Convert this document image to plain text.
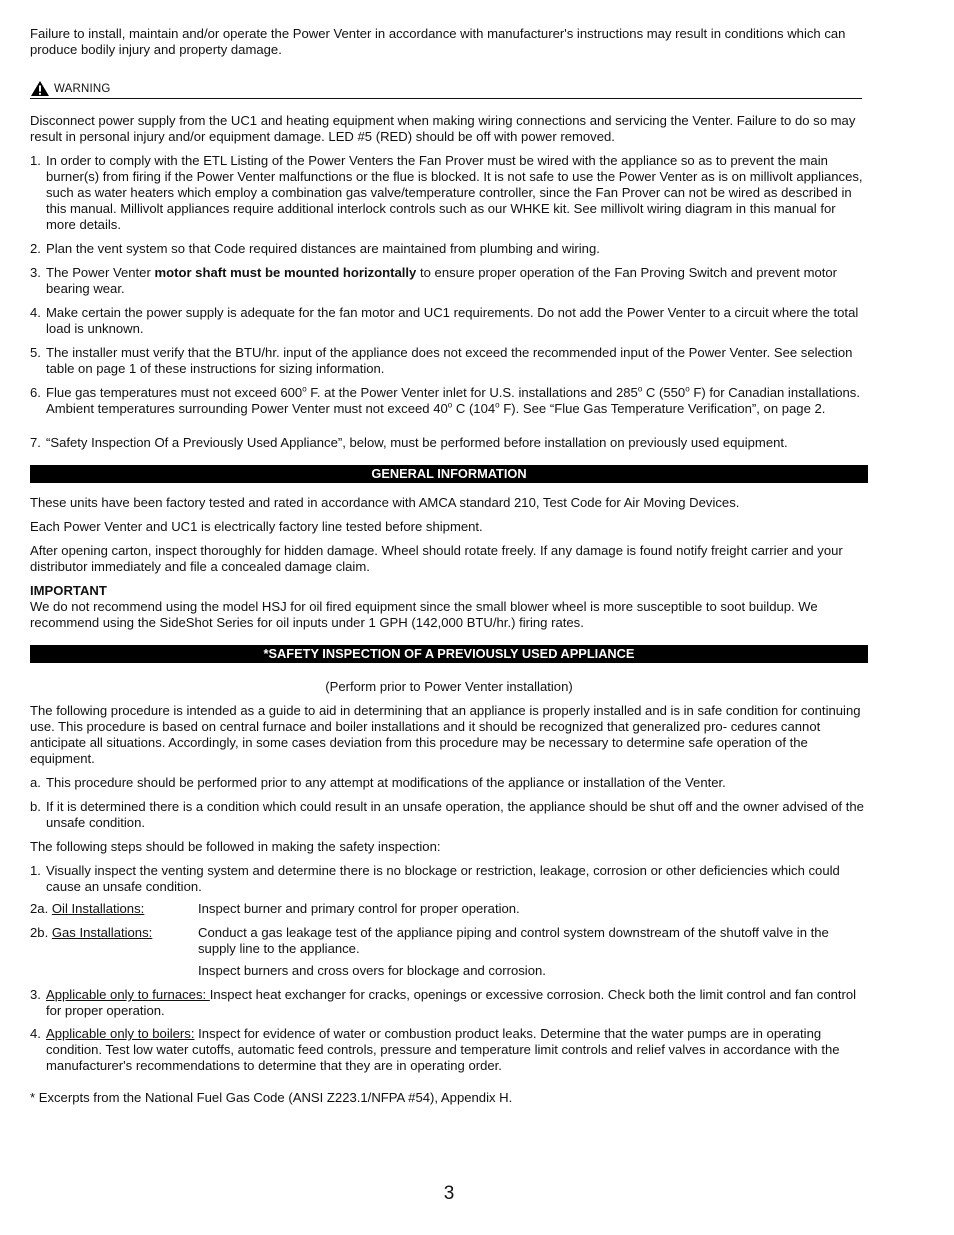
Failure to install, maintain and/or operate the Power Venter in accordance with manufacturer's instructions may result in conditions which can produce bodily injury and property damage.

WARNING

Disconnect power supply from the UC1 and heating equipment when making wiring connections and servicing the Venter. Failure to do so may result in personal injury and/or equipment damage. LED #5 (RED) should be off with power removed.

1. In order to comply with the ETL Listing of the Power Venters the Fan Prover must be wired with the appliance so as to prevent the main burner(s) from firing if the Power Venter malfunctions or the flue is blocked. It is not safe to use the Power Venter as is on millivolt appliances, such as water heaters which employ a combination gas valve/temperature controller, since the Fan Prover can not be wired as described in this manual. Millivolt appliances require additional interlock controls such as our WHKE kit. See millivolt wiring diagram in this manual for more details.
2. Plan the vent system so that Code required distances are maintained from plumbing and wiring.
3. The Power Venter motor shaft must be mounted horizontally to ensure proper operation of the Fan Proving Switch and prevent motor bearing wear.
4. Make certain the power supply is adequate for the fan motor and UC1 requirements. Do not add the Power Venter to a circuit where the total load is unknown.
5. The installer must verify that the BTU/hr. input of the appliance does not exceed the recommended input of the Power Venter. See selection table on page 1 of these instructions for sizing information.
6. Flue gas temperatures must not exceed 600$^o$ F. at the Power Venter inlet for U.S. installations and 285$^o$ C (550$^o$ F) for Canadian installations. Ambient temperatures surrounding Power Venter must not exceed 40$^o$ C (104$^o$ F). See “Flue Gas Temperature Verification”, on page 2.
7. “Safety Inspection Of a Previously Used Appliance”, below, must be performed before installation on previously used equipment.
GENERAL INFORMATION

These units have been factory tested and rated in accordance with AMCA standard 210, Test Code for Air Moving Devices.

Each Power Venter and UC1 is electrically factory line tested before shipment.

After opening carton, inspect thoroughly for hidden damage. Wheel should rotate freely. If any damage is found notify freight carrier and your distributor immediately and file a concealed damage claim.

IMPORTANT

We do not recommend using the model HSJ for oil fired equipment since the small blower wheel is more susceptible to soot buildup. We recommend using the SideShot Series for oil inputs under 1 GPH (142,000 BTU/hr.) firing rates.

*SAFETY INSPECTION OF A PREVIOUSLY USED APPLIANCE

(Perform prior to Power Venter installation)

The following procedure is intended as a guide to aid in determining that an appliance is properly installed and is in safe condition for continuing use. This procedure is based on central furnace and boiler installations and it should be recognized that generalized pro- cedures cannot anticipate all situations. Accordingly, in some cases deviation from this procedure may be necessary to determine safe operation of the equipment.

a. This procedure should be performed prior to any attempt at modifications of the appliance or installation of the Venter.
b. If it is determined there is a condition which could result in an unsafe operation, the appliance should be shut off and the owner advised of the unsafe condition.

The following steps should be followed in making the safety inspection:

1. Visually inspect the venting system and determine there is no blockage or restriction, leakage, corrosion or other deficiencies which could cause an unsafe condition.
2a. Oil Installations:	Inspect burner and primary control for proper operation.
2b. Gas Installations:	Conduct a gas leakage test of the appliance piping and control system downstream of the shutoff valve in the supply line to the appliance.

Inspect burners and cross overs for blockage and corrosion.

3. Applicable only to furnaces: Inspect heat exchanger for cracks, openings or excessive corrosion. Check both the limit control and fan control for proper operation.
4. Applicable only to boilers: Inspect for evidence of water or combustion product leaks. Determine that the water pumps are in operating condition. Test low water cutoffs, automatic feed controls, pressure and temperature limit controls and relief valves in accordance with the manufacturer's recommendations to determine that they are in operating order.

* Excerpts from the National Fuel Gas Code (ANSI Z223.1/NFPA #54), Appendix H.

3
